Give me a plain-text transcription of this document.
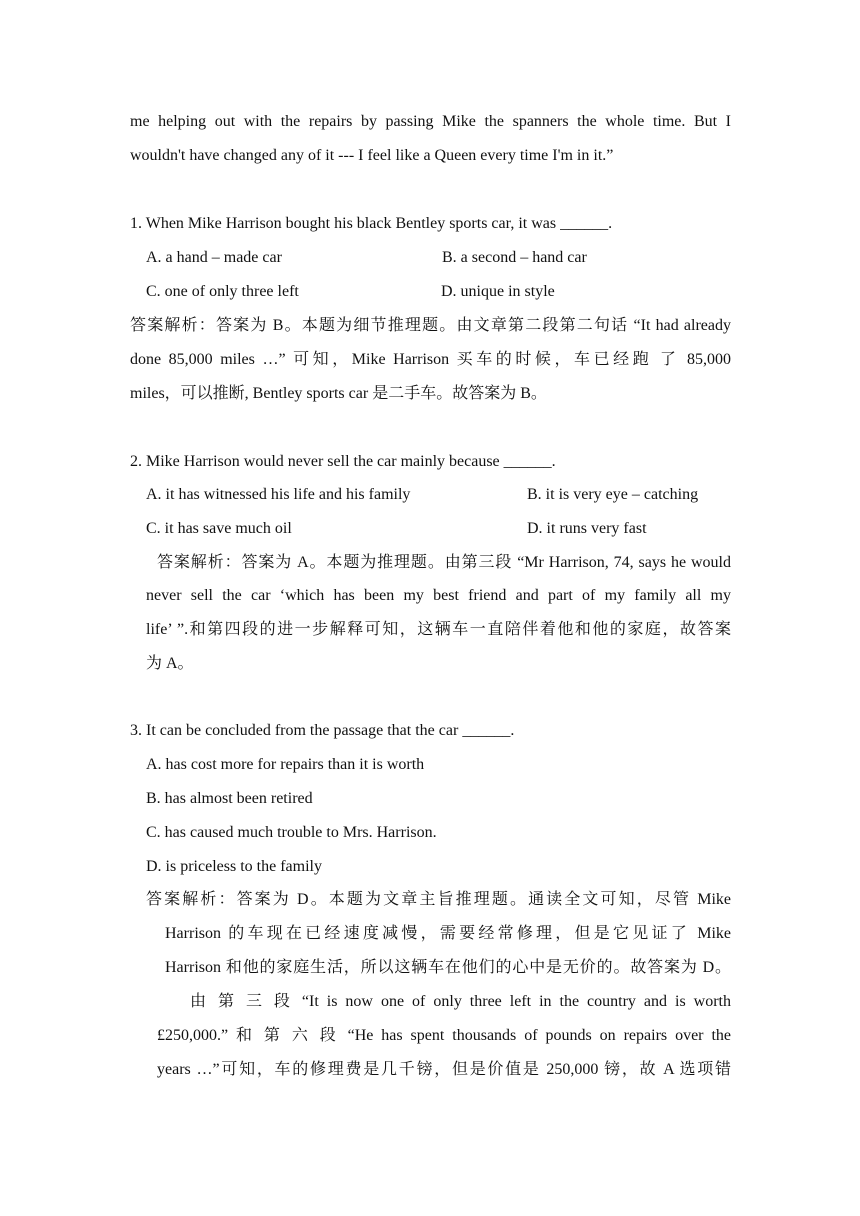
me helping out with the repairs by passing Mike the spanners the whole time. But I
wouldn't have changed any of it --- I feel like a Queen every time I'm in it.”
1. When Mike Harrison bought his black Bentley sports car, it was ______.
A. a hand – made car	B. a second – hand car
C. one of only three left	D. unique in style
答案解析：答案为 B。本题为细节推理题。由文章第二段第二句话 “It had already
done 85,000 miles …” 可知，Mike Harrison 买车的时候，车已经跑 了 85,000
miles，可以推断, Bentley sports car 是二手车。故答案为 B。
2. Mike Harrison would never sell the car mainly because ______.
A. it has witnessed his life and his family	B. it is very eye – catching
C. it has save much oil	D. it runs very fast
答案解析：答案为 A。本题为推理题。由第三段 “Mr Harrison, 74, says he would
never sell the car ‘which has been my best friend and part of my family all my
life’ ”.和第四段的进一步解释可知，这辆车一直陪伴着他和他的家庭，故答案
为 A。
3. It can be concluded from the passage that the car ______.
A. has cost more for repairs than it is worth
B. has almost been retired
C. has caused much trouble to Mrs. Harrison.
D. is priceless to the family
答案解析：答案为 D。本题为文章主旨推理题。通读全文可知，尽管 Mike
Harrison 的车现在已经速度减慢，需要经常修理，但是它见证了 Mike
Harrison 和他的家庭生活，所以这辆车在他们的心中是无价的。故答案为 D。
由 第 三 段 “It is now one of only three left in the country and is worth
£250,000.” 和 第 六 段 “He has spent thousands of pounds on repairs over the
years …”可知，车的修理费是几千镑，但是价值是 250,000 镑，故 A 选项错
